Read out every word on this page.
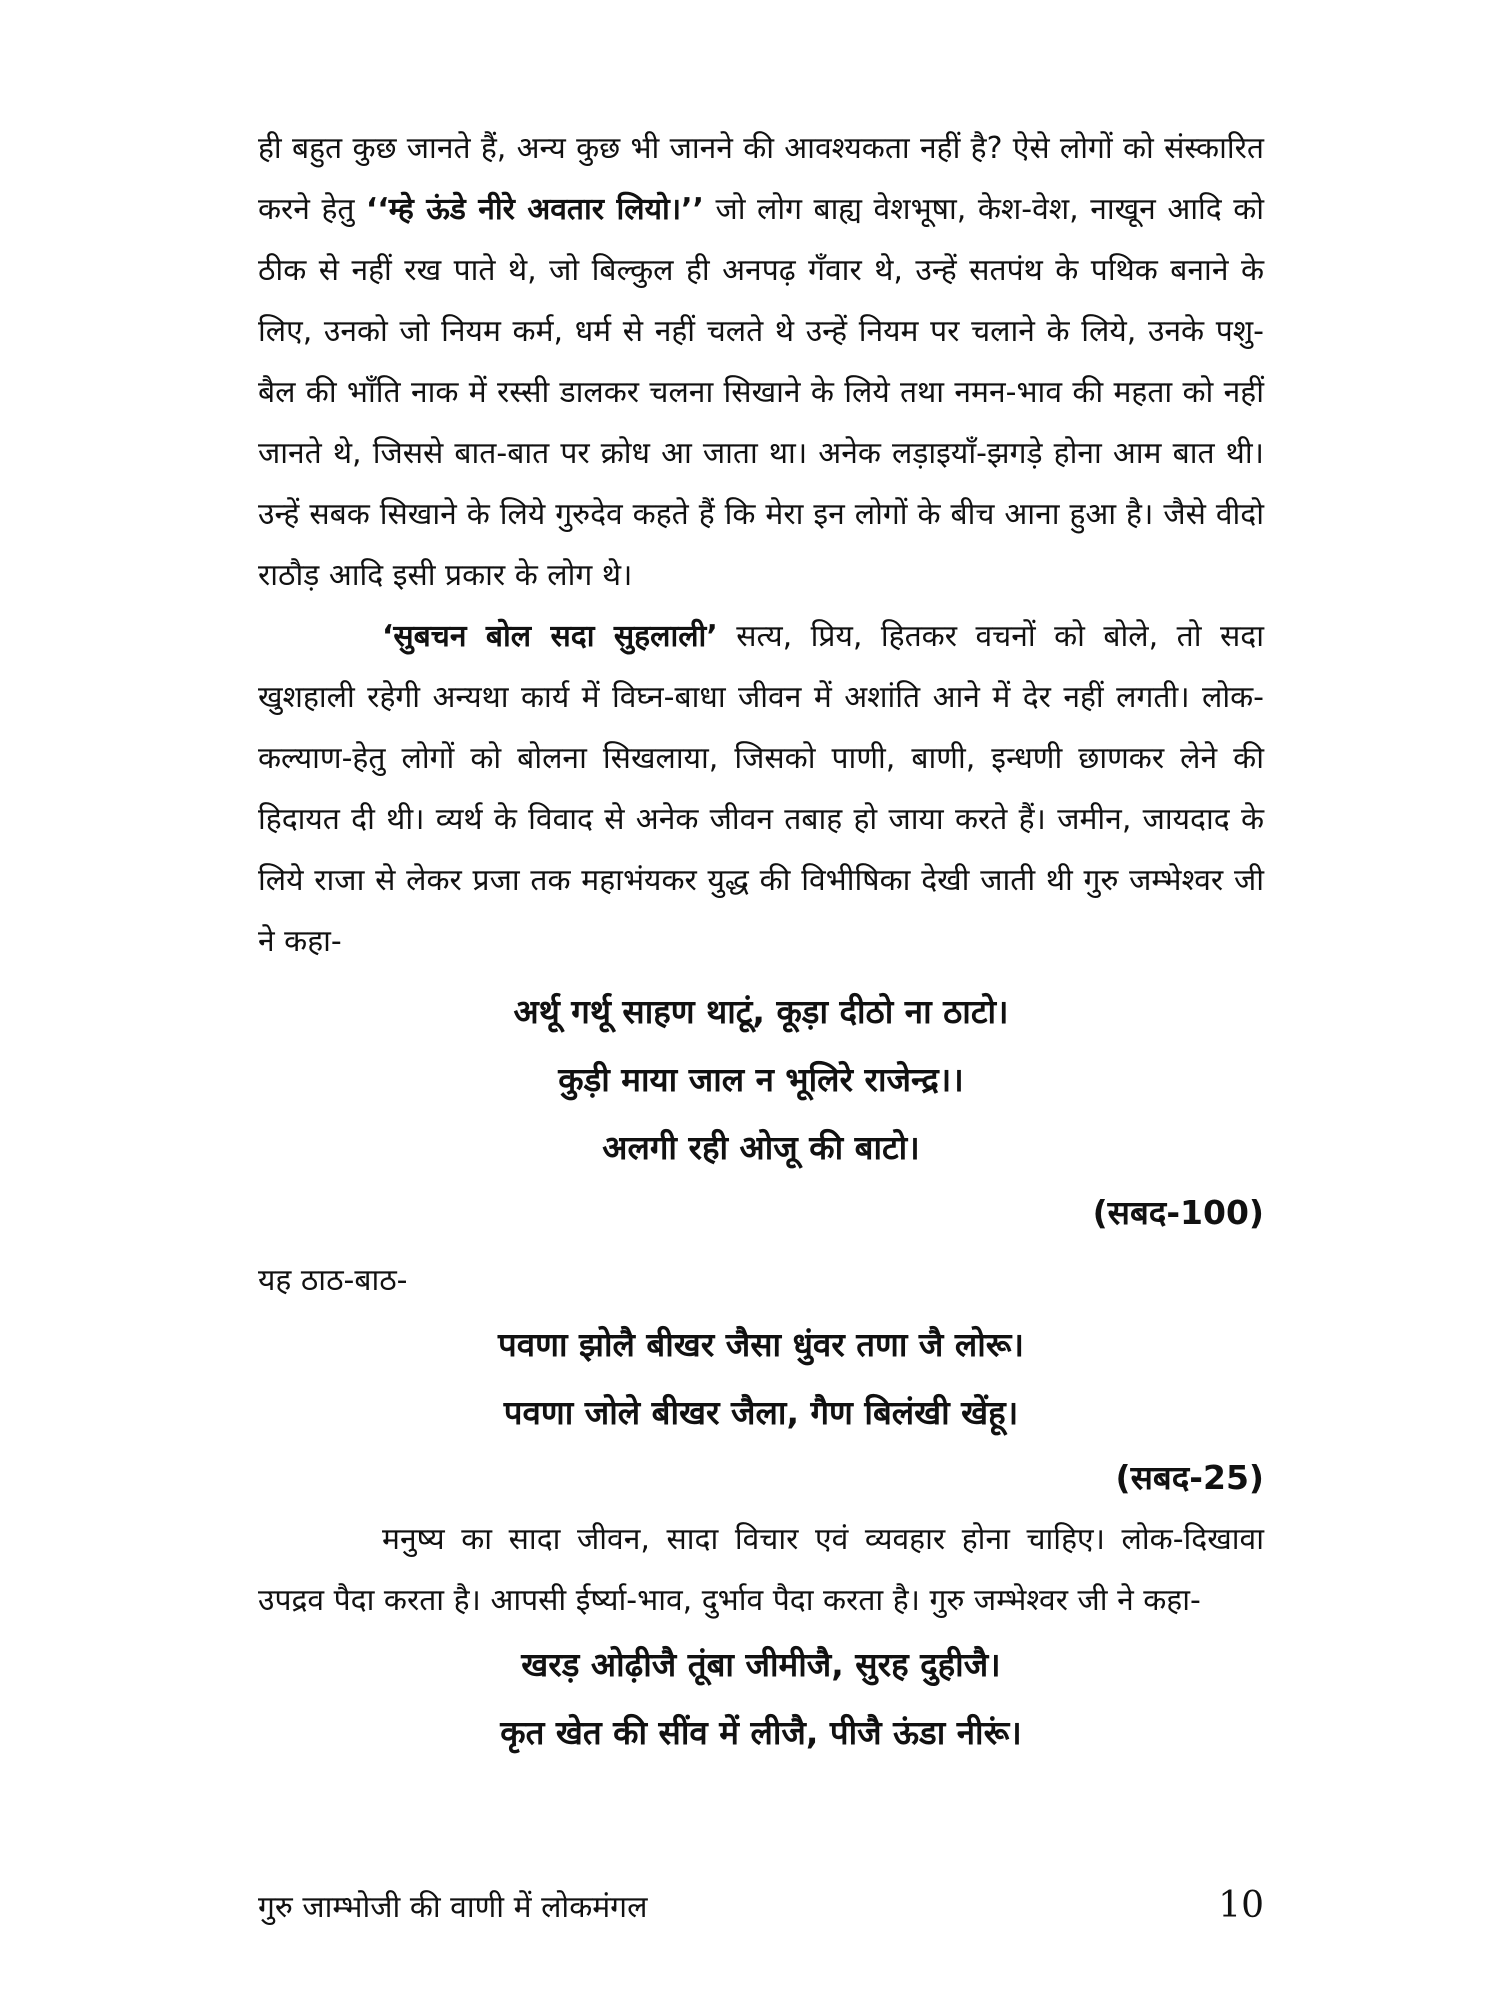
ही बहुत कुछ जानते हैं, अन्य कुछ भी जानने की आवश्यकता नहीं है? ऐसे लोगों को संस्कारित करने हेतु ‘‘म्हे ऊंडे नीरे अवतार लियो।’’ जो लोग बाह्य वेशभूषा, केश-वेश, नाखून आदि को ठीक से नहीं रख पाते थे, जो बिल्कुल ही अनपढ़ गँवार थे, उन्हें सतपंथ के पथिक बनाने के लिए, उनको जो नियम कर्म, धर्म से नहीं चलते थे उन्हें नियम पर चलाने के लिये, उनके पशु-बैल की भाँति नाक में रस्सी डालकर चलना सिखाने के लिये तथा नमन-भाव की महता को नहीं जानते थे, जिससे बात-बात पर क्रोध आ जाता था। अनेक लड़ाइयाँ-झगड़े होना आम बात थी। उन्हें सबक सिखाने के लिये गुरुदेव कहते हैं कि मेरा इन लोगों के बीच आना हुआ है। जैसे वीदो राठौड़ आदि इसी प्रकार के लोग थे।

‘सुबचन बोल सदा सुहलाली’ सत्य, प्रिय, हितकर वचनों को बोले, तो सदा खुशहाली रहेगी अन्यथा कार्य में विघ्न-बाधा जीवन में अशांति आने में देर नहीं लगती। लोक-कल्याण-हेतु लोगों को बोलना सिखलाया, जिसको पाणी, बाणी, इन्धणी छाणकर लेने की हिदायत दी थी। व्यर्थ के विवाद से अनेक जीवन तबाह हो जाया करते हैं। जमीन, जायदाद के लिये राजा से लेकर प्रजा तक महाभंयकर युद्ध की विभीषिका देखी जाती थी गुरु जम्भेश्वर जी ने कहा-

अर्थू गर्थू साहण थाटूं, कूड़ा दीठो ना ठाटो।

कुड़ी माया जाल न भूलिरे राजेन्द्र।।

अलगी रही ओजू की बाटो।

(सबद-100)

यह ठाठ-बाठ-

पवणा झोलै बीखर जैसा धुंवर तणा जै लोरू।

पवणा जोले बीखर जैला, गैण बिलंखी खेंहू।

(सबद-25)

मनुष्य का सादा जीवन, सादा विचार एवं व्यवहार होना चाहिए। लोक-दिखावा उपद्रव पैदा करता है। आपसी ईर्ष्या-भाव, दुर्भाव पैदा करता है। गुरु जम्भेश्वर जी ने कहा-

खरड़ ओढ़ीजै तूंबा जीमीजै, सुरह दुहीजै।

कृत खेत की सींव में लीजै, पीजै ऊंडा नीरूं।

गुरु जाम्भोजी की वाणी में लोकमंगल	10
